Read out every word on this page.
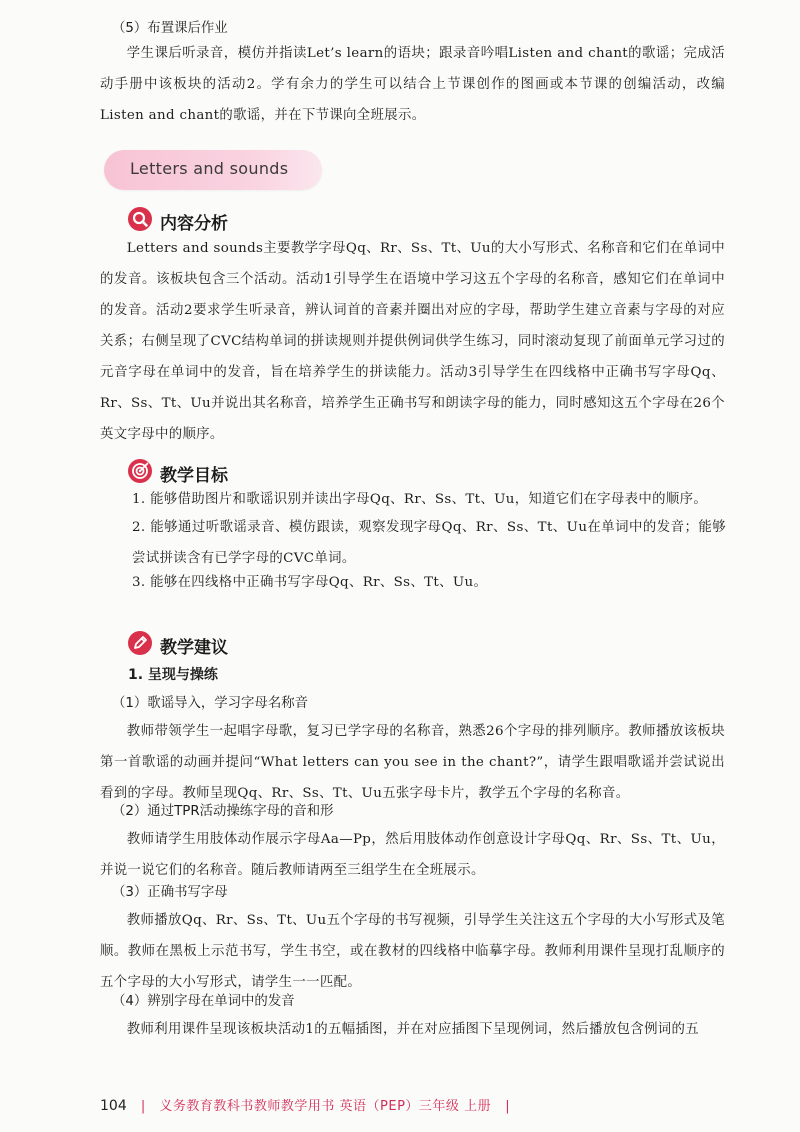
（5）布置课后作业

学生课后听录音，模仿并指读Let’s learn的语块；跟录音吟唱Listen and chant的歌谣；完成活动手册中该板块的活动2。学有余力的学生可以结合上节课创作的图画或本节课的创编活动，改编Listen and chant的歌谣，并在下节课向全班展示。

Letters and sounds
内容分析

Letters and sounds主要教学字母Qq、Rr、Ss、Tt、Uu的大小写形式、名称音和它们在单词中的发音。该板块包含三个活动。活动1引导学生在语境中学习这五个字母的名称音，感知它们在单词中的发音。活动2要求学生听录音，辨认词首的音素并圈出对应的字母，帮助学生建立音素与字母的对应关系；右侧呈现了CVC结构单词的拼读规则并提供例词供学生练习，同时滚动复现了前面单元学习过的元音字母在单词中的发音，旨在培养学生的拼读能力。活动3引导学生在四线格中正确书写字母Qq、Rr、Ss、Tt、Uu并说出其名称音，培养学生正确书写和朗读字母的能力，同时感知这五个字母在26个英文字母中的顺序。

教学目标

1. 能够借助图片和歌谣识别并读出字母Qq、Rr、Ss、Tt、Uu，知道它们在字母表中的顺序。

2. 能够通过听歌谣录音、模仿跟读，观察发现字母Qq、Rr、Ss、Tt、Uu在单词中的发音；能够尝试拼读含有已学字母的CVC单词。

3. 能够在四线格中正确书写字母Qq、Rr、Ss、Tt、Uu。

教学建议

1. 呈现与操练

（1）歌谣导入，学习字母名称音

教师带领学生一起唱字母歌，复习已学字母的名称音，熟悉26个字母的排列顺序。教师播放该板块第一首歌谣的动画并提问“What letters can you see in the chant?”，请学生跟唱歌谣并尝试说出看到的字母。教师呈现Qq、Rr、Ss、Tt、Uu五张字母卡片，教学五个字母的名称音。

（2）通过TPR活动操练字母的音和形

教师请学生用肢体动作展示字母Aa—Pp，然后用肢体动作创意设计字母Qq、Rr、Ss、Tt、Uu，并说一说它们的名称音。随后教师请两至三组学生在全班展示。

（3）正确书写字母

教师播放Qq、Rr、Ss、Tt、Uu五个字母的书写视频，引导学生关注这五个字母的大小写形式及笔顺。教师在黑板上示范书写，学生书空，或在教材的四线格中临摹字母。教师利用课件呈现打乱顺序的五个字母的大小写形式，请学生一一匹配。

（4）辨别字母在单词中的发音

教师利用课件呈现该板块活动1的五幅插图，并在对应插图下呈现例词，然后播放包含例词的五

104 | 义务教育教科书教师教学用书 英语（PEP）三年级 上册 |
